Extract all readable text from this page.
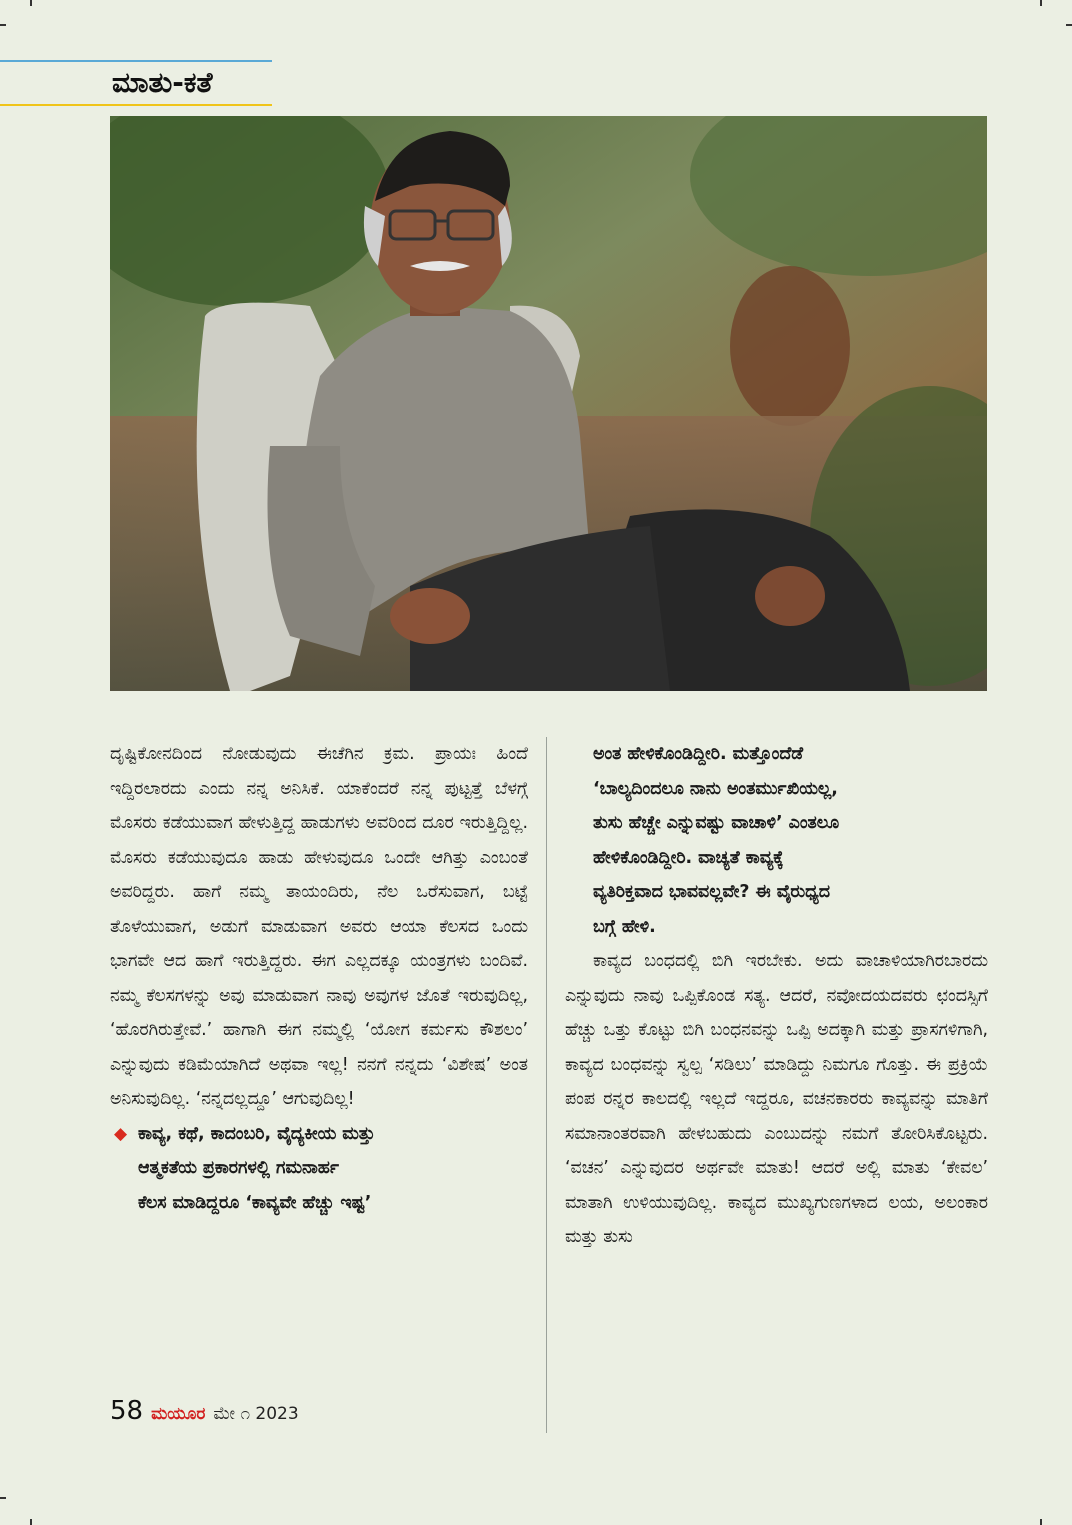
ಮಾತು-ಕತೆ

ದೃಷ್ಟಿಕೋನದಿಂದ ನೋಡುವುದು ಈಚೆಗಿನ ಕ್ರಮ. ಪ್ರಾಯಃ ಹಿಂದೆ ಇದ್ದಿರಲಾರದು ಎಂದು ನನ್ನ ಅನಿಸಿಕೆ. ಯಾಕೆಂದರೆ ನನ್ನ ಪುಟ್ಟತ್ತೆ ಬೆಳಗ್ಗೆ ಮೊಸರು ಕಡೆಯುವಾಗ ಹೇಳುತ್ತಿದ್ದ ಹಾಡುಗಳು ಅವರಿಂದ ದೂರ ಇರುತ್ತಿದ್ದಿಲ್ಲ. ಮೊಸರು ಕಡೆಯುವುದೂ ಹಾಡು ಹೇಳುವುದೂ ಒಂದೇ ಆಗಿತ್ತು ಎಂಬಂತೆ ಅವರಿದ್ದರು. ಹಾಗೆ ನಮ್ಮ ತಾಯಂದಿರು, ನೆಲ ಒರೆಸುವಾಗ, ಬಟ್ಟೆ ತೊಳೆಯುವಾಗ, ಅಡುಗೆ ಮಾಡುವಾಗ ಅವರು ಆಯಾ ಕೆಲಸದ ಒಂದು ಭಾಗವೇ ಆದ ಹಾಗೆ ಇರುತ್ತಿದ್ದರು. ಈಗ ಎಲ್ಲದಕ್ಕೂ ಯಂತ್ರಗಳು ಬಂದಿವೆ. ನಮ್ಮ ಕೆಲಸಗಳನ್ನು ಅವು ಮಾಡುವಾಗ ನಾವು ಅವುಗಳ ಜೊತೆ ಇರುವುದಿಲ್ಲ, ‘ಹೊರಗಿರುತ್ತೇವೆ.’ ಹಾಗಾಗಿ ಈಗ ನಮ್ಮಲ್ಲಿ ‘ಯೋಗ ಕರ್ಮಸು ಕೌಶಲಂ’ ಎನ್ನುವುದು ಕಡಿಮೆಯಾಗಿದೆ ಅಥವಾ ಇಲ್ಲ! ನನಗೆ ನನ್ನದು ‘ವಿಶೇಷ’ ಅಂತ ಅನಿಸುವುದಿಲ್ಲ. ‘ನನ್ನದಲ್ಲದ್ದೂ’ ಆಗುವುದಿಲ್ಲ!

◆ ಕಾವ್ಯ, ಕಥೆ, ಕಾದಂಬರಿ, ವೈದ್ಯಕೀಯ ಮತ್ತು
ಆತ್ಮಕತೆಯ ಪ್ರಕಾರಗಳಲ್ಲಿ ಗಮನಾರ್ಹ
ಕೆಲಸ ಮಾಡಿದ್ದರೂ ‘ಕಾವ್ಯವೇ ಹೆಚ್ಚು ಇಷ್ಟ’
ಅಂತ ಹೇಳಿಕೊಂಡಿದ್ದೀರಿ. ಮತ್ತೊಂದೆಡೆ
‘ಬಾಲ್ಯದಿಂದಲೂ ನಾನು ಅಂತರ್ಮುಖಿಯಲ್ಲ,
ತುಸು ಹೆಚ್ಚೇ ಎನ್ನುವಷ್ಟು ವಾಚಾಳಿ’ ಎಂತಲೂ
ಹೇಳಿಕೊಂಡಿದ್ದೀರಿ. ವಾಚ್ಯತೆ ಕಾವ್ಯಕ್ಕೆ
ವ್ಯತಿರಿಕ್ತವಾದ ಭಾವವಲ್ಲವೇ? ಈ ವೈರುಧ್ಯದ
ಬಗ್ಗೆ ಹೇಳಿ.

ಕಾವ್ಯದ ಬಂಧದಲ್ಲಿ ಬಿಗಿ ಇರಬೇಕು. ಅದು ವಾಚಾಳಿಯಾಗಿರಬಾರದು ಎನ್ನುವುದು ನಾವು ಒಪ್ಪಿಕೊಂಡ ಸತ್ಯ. ಆದರೆ, ನವೋದಯದವರು ಛಂದಸ್ಸಿಗೆ ಹೆಚ್ಚು ಒತ್ತು ಕೊಟ್ಟು ಬಿಗಿ ಬಂಧನವನ್ನು ಒಪ್ಪಿ ಅದಕ್ಕಾಗಿ ಮತ್ತು ಪ್ರಾಸಗಳಿಗಾಗಿ, ಕಾವ್ಯದ ಬಂಧವನ್ನು ಸ್ವಲ್ಪ ‘ಸಡಿಲು’ ಮಾಡಿದ್ದು ನಿಮಗೂ ಗೊತ್ತು. ಈ ಪ್ರಕ್ರಿಯೆ ಪಂಪ ರನ್ನರ ಕಾಲದಲ್ಲಿ ಇಲ್ಲದೆ ಇದ್ದರೂ, ವಚನಕಾರರು ಕಾವ್ಯವನ್ನು ಮಾತಿಗೆ ಸಮಾನಾಂತರವಾಗಿ ಹೇಳಬಹುದು ಎಂಬುದನ್ನು ನಮಗೆ ತೋರಿಸಿಕೊಟ್ಟರು. ‘ವಚನ’ ಎನ್ನುವುದರ ಅರ್ಥವೇ ಮಾತು! ಆದರೆ ಅಲ್ಲಿ ಮಾತು ‘ಕೇವಲ’ ಮಾತಾಗಿ ಉಳಿಯುವುದಿಲ್ಲ. ಕಾವ್ಯದ ಮುಖ್ಯಗುಣಗಳಾದ ಲಯ, ಅಲಂಕಾರ ಮತ್ತು ತುಸು

58 ಮಯೂರ ಮೇ ೧ 2023
